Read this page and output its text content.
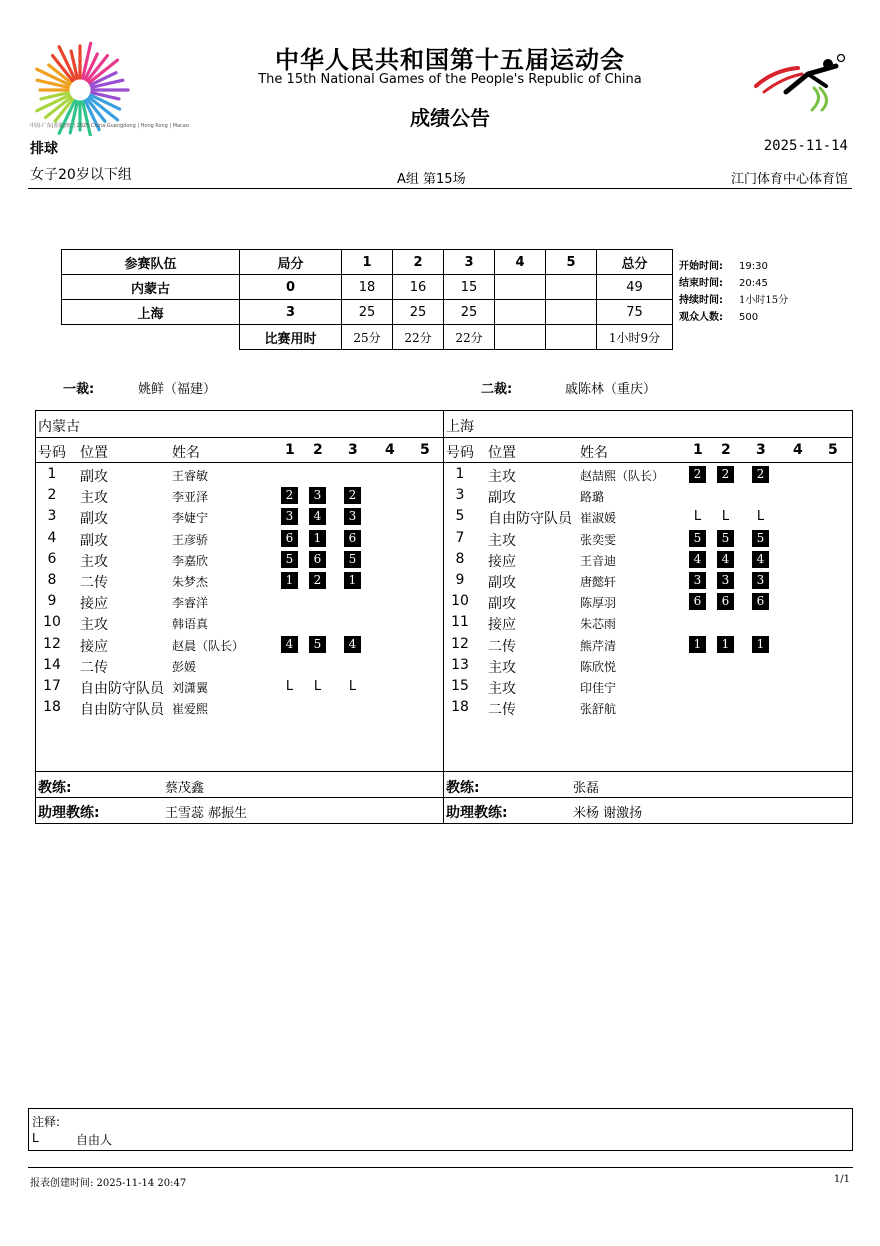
中国·广东|香港|澳门 2025 China·Guangdong | Hong Kong | Macao
中华人民共和国第十五届运动会
The 15th National Games of the People's Republic of China
成绩公告
排球	2025-11-14
女子20岁以下组	A组 第15场	江门体育中心体育馆
参赛队伍	局分	1	2	3	4	5	总分
内蒙古	0	18	16	15			49
上海	3	25	25	25			75
	比赛用时	25分	22分	22分			1小时9分
开始时间: 19:30
结束时间: 20:45
持续时间: 1小时15分
观众人数: 500
一裁:	姚鲜（福建）	二裁:	戚陈林（重庆）
内蒙古
号码 位置	姓名	1 2 3 4 5
1	副攻	王睿敏
2	主攻	李亚泽	2	3	2
3	副攻	李婕宁	3	4	3
4	副攻	王彦骄	6	1	6
6	主攻	李嘉欣	5	6	5
8	二传	朱梦杰	1	2	1
9	接应	李睿洋
10	主攻	韩语真
12	接应	赵晨（队长）	4	5	4
14	二传	彭媛
17	自由防守队员 刘潇翼	L	L	L
18	自由防守队员 崔爱熙
教练:	蔡茂鑫
助理教练:	王雪蕊 郝振生
上海
号码 位置	姓名	1 2 3 4 5
1	主攻	赵喆熙（队长）	2	2	2
3	副攻	路璐
5	自由防守队员 崔淑媛	L	L	L
7	主攻	张奕雯	5	5	5
8	接应	王音迪	4	4	4
9	副攻	唐懿轩	3	3	3
10	副攻	陈厚羽	6	6	6
11	接应	朱芯雨
12	二传	熊芹清	1	1	1
13	主攻	陈欣悦
15	主攻	印佳宁
18	二传	张舒航
教练:	张磊
助理教练:	米杨 谢激扬
注释:
L	自由人
报表创建时间: 2025-11-14 20:47	1/1
